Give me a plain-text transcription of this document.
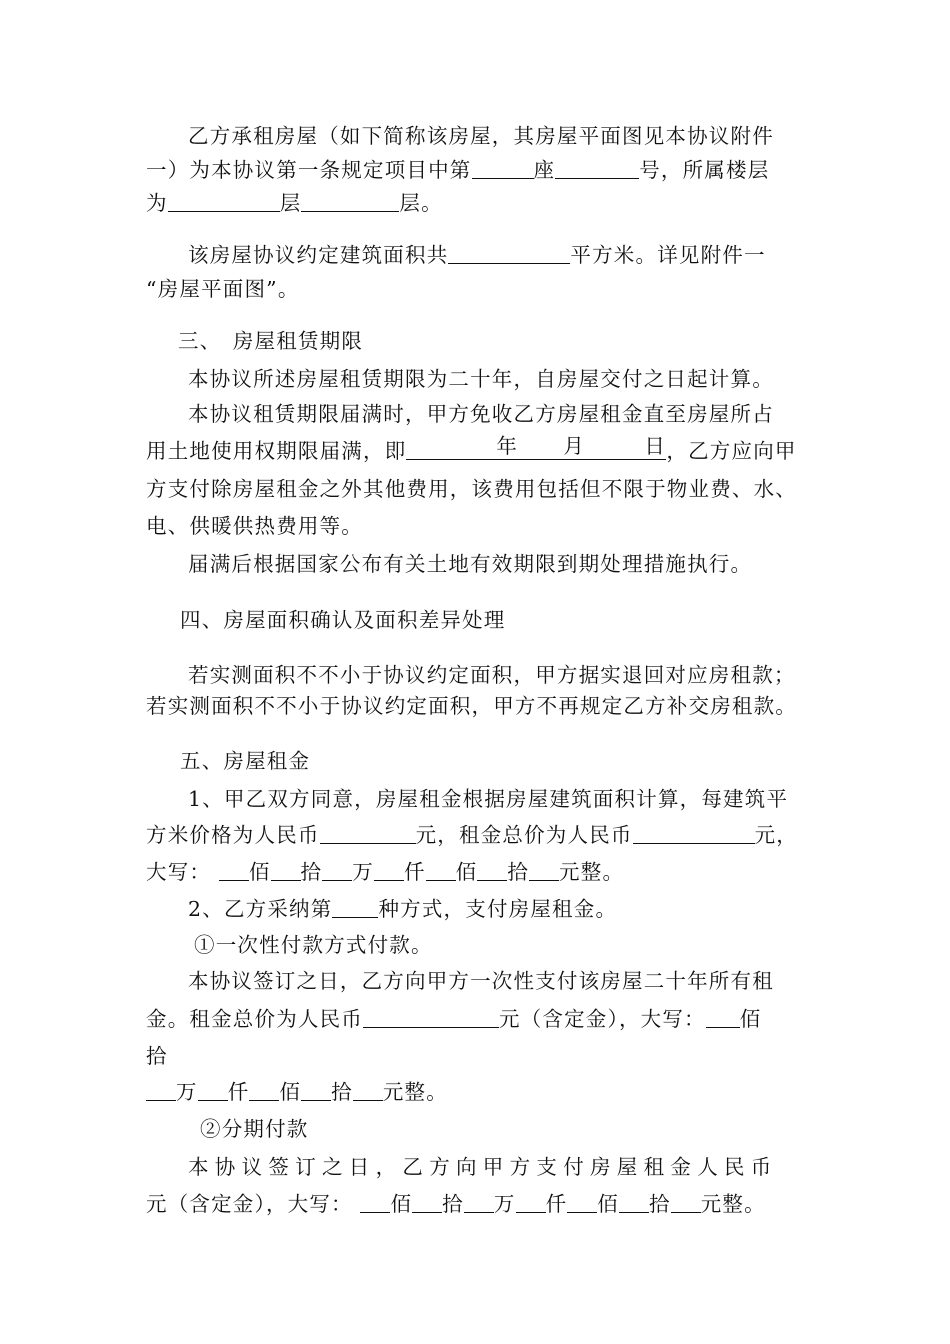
乙方承租房屋（如下简称该房屋，其房屋平面图见本协议附件
一）为本协议第一条规定项目中第	座	号，所属楼层
为	层	层。
该房屋协议约定建筑面积共	平方米。详见附件一
“房屋平面图”。
三、　房屋租赁期限
本协议所述房屋租赁期限为二十年，自房屋交付之日起计算。
本协议租赁期限届满时，甲方免收乙方房屋租金直至房屋所占
用土地使用权期限届满，即	年 月	日 ，乙方应向甲
方支付除房屋租金之外其他费用，该费用包括但不限于物业费、水、
电、供暖供热费用等。
届满后根据国家公布有关土地有效期限到期处理措施执行。
四、房屋面积确认及面积差异处理
若实测面积不不小于协议约定面积，甲方据实退回对应房租款；
若实测面积不不小于协议约定面积，甲方不再规定乙方补交房租款。
五、房屋租金
1、甲乙双方同意，房屋租金根据房屋建筑面积计算，每建筑平
方米价格为人民币	元，租金总价为人民币	元，
大写： 佰 拾 万 仟 佰 拾 元整。
2、乙方采纳第 种方式，支付房屋租金。
①一次性付款方式付款。
本协议签订之日，乙方向甲方一次性支付该房屋二十年所有租
金。租金总价为人民币	元（含定金），大写： 佰
拾
万 仟 佰 拾 元整。
②分期付款
本协议签订之日，乙方向甲方支付房屋租金人民币
元（含定金），大写： 佰 拾 万 仟 佰 拾 元整。
